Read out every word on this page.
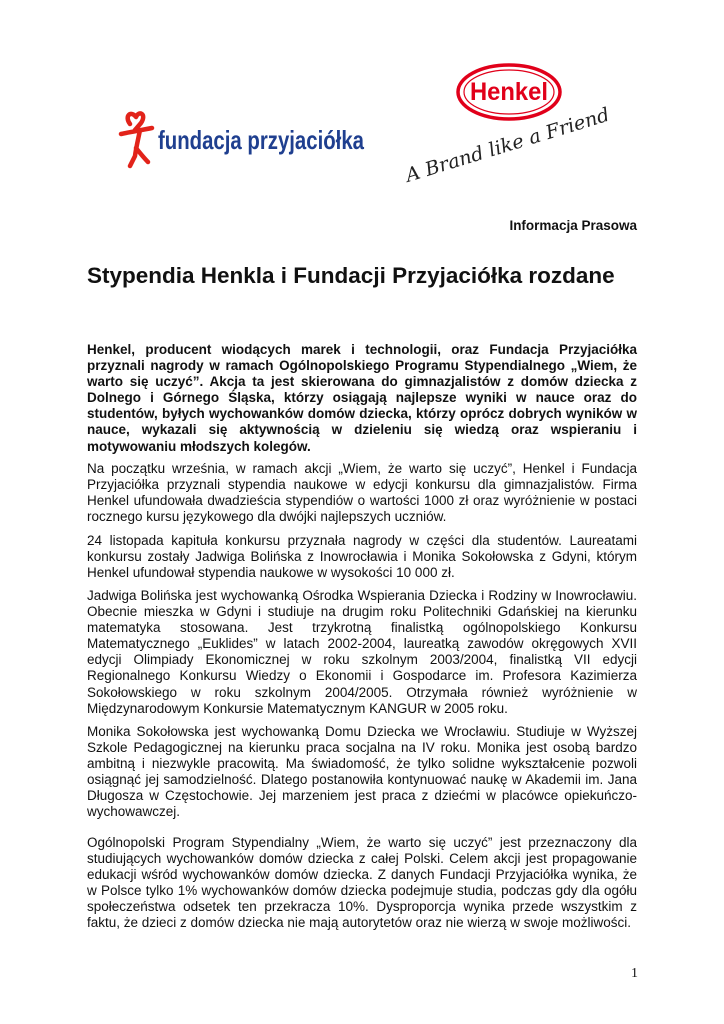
fundacja przyjaciółka
Henkel
A Brand like a Friend
Informacja Prasowa
Stypendia Henkla i Fundacji Przyjaciółka rozdane

Henkel, producent wiodących marek i technologii, oraz Fundacja Przyjaciółka przyznali nagrody w ramach Ogólnopolskiego Programu Stypendialnego „Wiem, że warto się uczyć”. Akcja ta jest skierowana do gimnazjalistów z domów dziecka z Dolnego i Górnego Śląska, którzy osiągają najlepsze wyniki w nauce oraz do studentów, byłych wychowanków domów dziecka, którzy oprócz dobrych wyników w nauce, wykazali się aktywnością w dzieleniu się wiedzą oraz wspieraniu i motywowaniu młodszych kolegów.

Na początku września, w ramach akcji „Wiem, że warto się uczyć”, Henkel i Fundacja Przyjaciółka przyznali stypendia naukowe w edycji konkursu dla gimnazjalistów. Firma Henkel ufundowała dwadzieścia stypendiów o wartości 1000 zł oraz wyróżnienie w postaci rocznego kursu językowego dla dwójki najlepszych uczniów.

24 listopada kapituła konkursu przyznała nagrody w części dla studentów. Laureatami konkursu zostały Jadwiga Bolińska z Inowrocławia i Monika Sokołowska z Gdyni, którym Henkel ufundował stypendia naukowe w wysokości 10 000 zł.

Jadwiga Bolińska jest wychowanką Ośrodka Wspierania Dziecka i Rodziny w Inowrocławiu. Obecnie mieszka w Gdyni i studiuje na drugim roku Politechniki Gdańskiej na kierunku matematyka stosowana. Jest trzykrotną finalistką ogólnopolskiego Konkursu Matematycznego „Euklides” w latach 2002-2004, laureatką zawodów okręgowych XVII edycji Olimpiady Ekonomicznej w roku szkolnym 2003/2004, finalistką VII edycji Regionalnego Konkursu Wiedzy o Ekonomii i Gospodarce im. Profesora Kazimierza Sokołowskiego w roku szkolnym 2004/2005. Otrzymała również wyróżnienie w Międzynarodowym Konkursie Matematycznym KANGUR w 2005 roku.

Monika Sokołowska jest wychowanką Domu Dziecka we Wrocławiu. Studiuje w Wyższej Szkole Pedagogicznej na kierunku praca socjalna na IV roku. Monika jest osobą bardzo ambitną i niezwykle pracowitą. Ma świadomość, że tylko solidne wykształcenie pozwoli osiągnąć jej samodzielność. Dlatego postanowiła kontynuować naukę w Akademii im. Jana Długosza w Częstochowie. Jej marzeniem jest praca z dziećmi w placówce opiekuńczo-wychowawczej.

Ogólnopolski Program Stypendialny „Wiem, że warto się uczyć” jest przeznaczony dla studiujących wychowanków domów dziecka z całej Polski. Celem akcji jest propagowanie edukacji wśród wychowanków domów dziecka. Z danych Fundacji Przyjaciółka wynika, że w Polsce tylko 1% wychowanków domów dziecka podejmuje studia, podczas gdy dla ogółu społeczeństwa odsetek ten przekracza 10%. Dysproporcja wynika przede wszystkim z faktu, że dzieci z domów dziecka nie mają autorytetów oraz nie wierzą w swoje możliwości.

1
